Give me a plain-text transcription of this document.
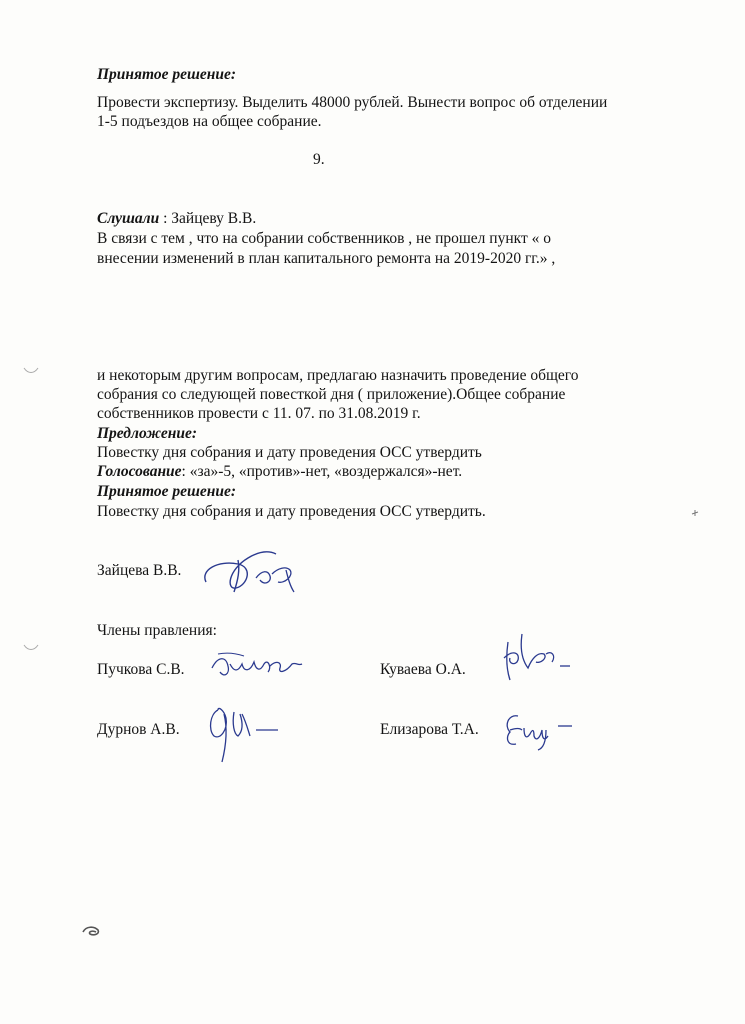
Принятое решение:
Провести экспертизу. Выделить 48000 рублей. Вынести вопрос об отделении
1-5 подъездов на общее собрание.
9.
Слушали : Зайцеву В.В.
В связи с тем , что на собрании собственников , не прошел пункт « о
внесении изменений в план капитального ремонта на 2019-2020 гг.» ,
и некоторым другим вопросам, предлагаю назначить проведение общего
собрания со следующей повесткой дня ( приложение).Общее собрание
собственников провести с 11. 07. по 31.08.2019 г.
Предложение:
Повестку дня собрания и дату проведения ОСС утвердить
Голосование: «за»-5, «против»-нет, «воздержался»-нет.
Принятое решение:
Повестку дня собрания и дату проведения ОСС утвердить.
Зайцева В.В.
Члены правления:
Пучкова С.В.	Куваева О.А.
Дурнов А.В.	Елизарова Т.А.
